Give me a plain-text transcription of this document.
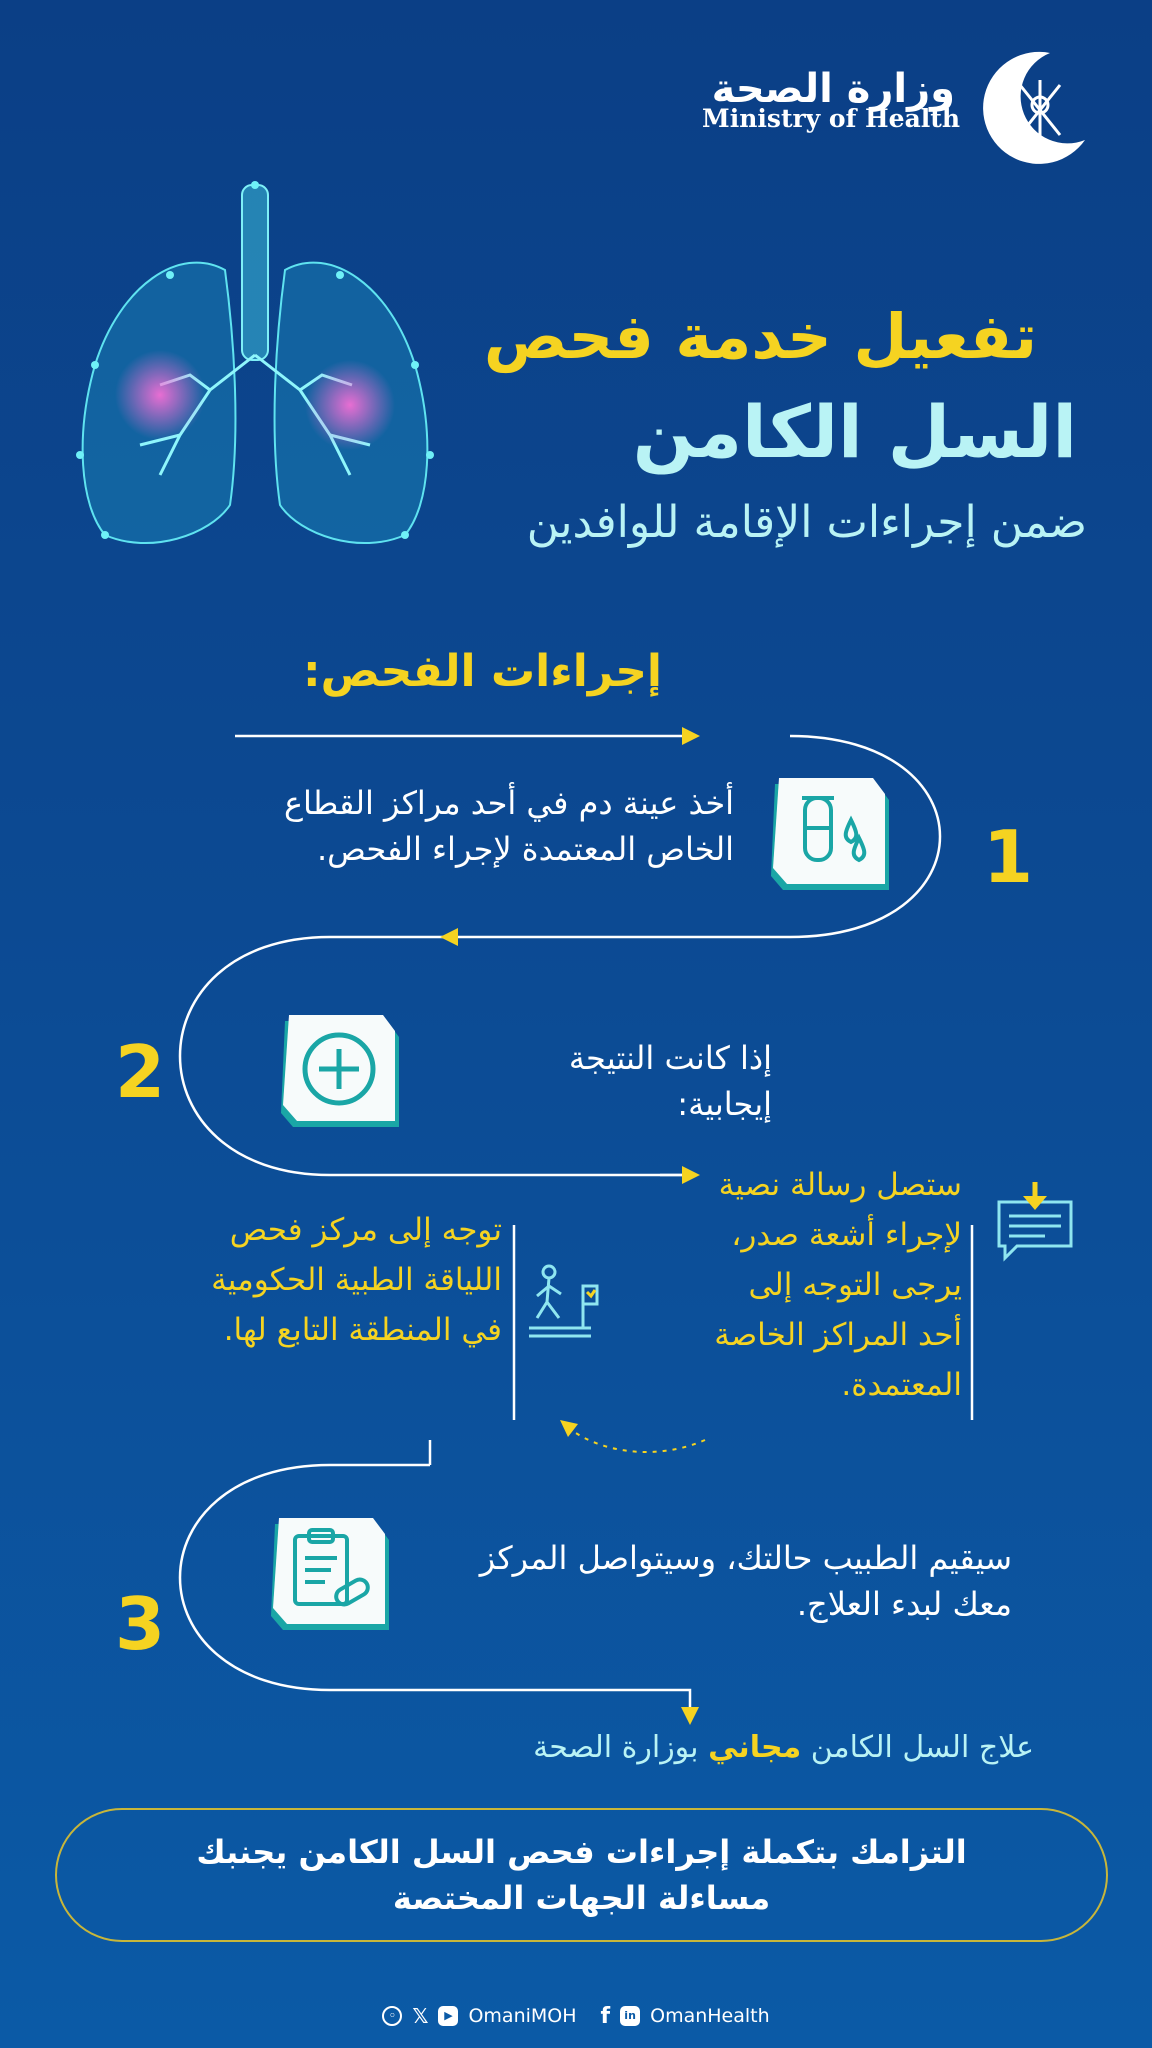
وزارة الصحة
Ministry of Health
تفعيل خدمة فحص
السل الكامن
ضمن إجراءات الإقامة للوافدين
إجراءات الفحص:
1
أخذ عينة دم في أحد مراكز القطاع الخاص المعتمدة لإجراء الفحص.
2	إذا كانت النتيجة إيجابية:
ستصل رسالة نصية لإجراء أشعة صدر، يرجى التوجه إلى أحد المراكز الخاصة المعتمدة.
توجه إلى مركز فحص اللياقة الطبية الحكومية في المنطقة التابع لها.
3
سيقيم الطبيب حالتك، وسيتواصل المركز معك لبدء العلاج.
علاج السل الكامن مجاني بوزارة الصحة
التزامك بتكملة إجراءات فحص السل الكامن يجنبك
مساءلة الجهات المختصة
◦ 𝕏	▶ OmaniMOH f	in OmanHealth
